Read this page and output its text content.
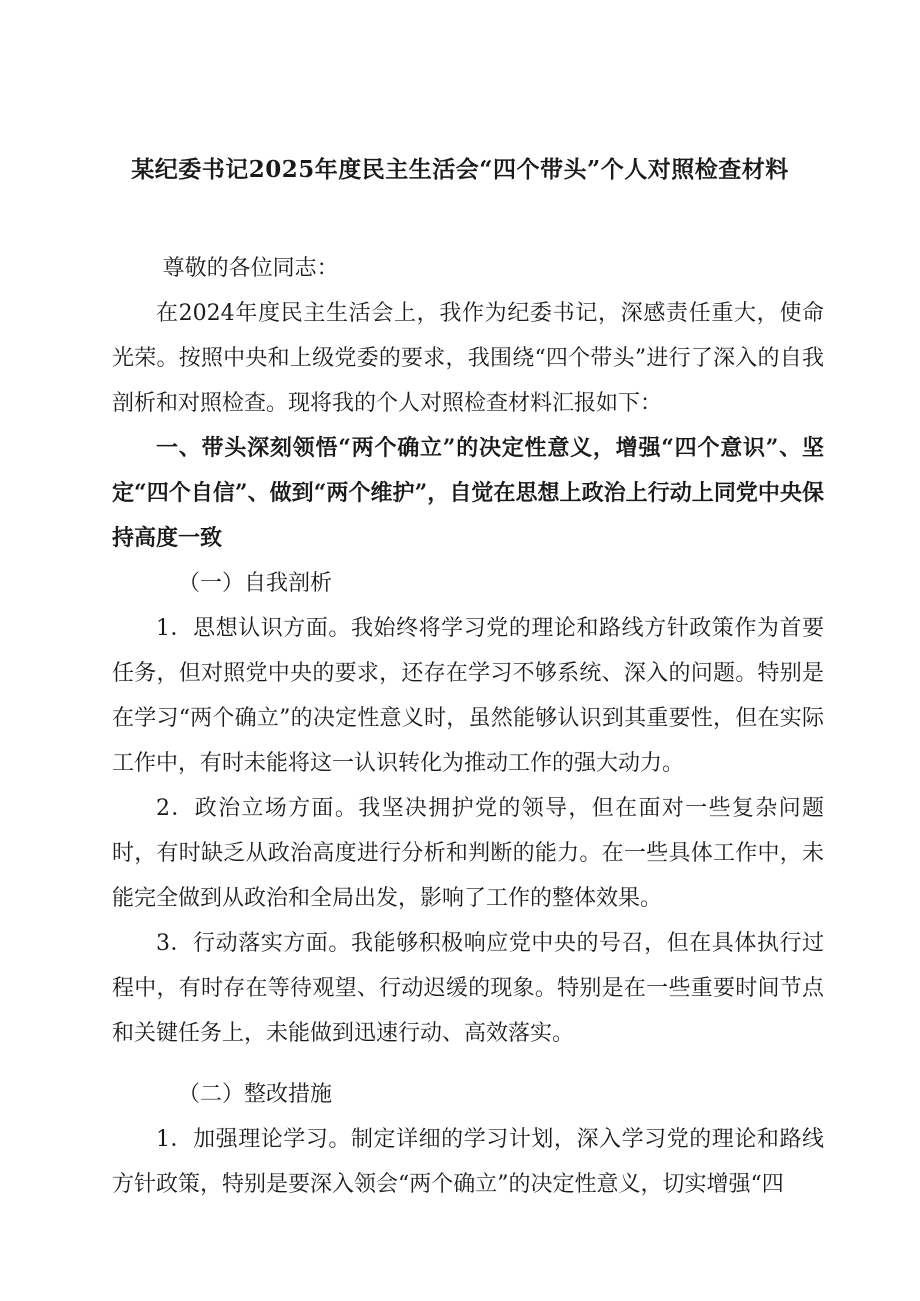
某纪委书记2025年度民主生活会“四个带头”个人对照检查材料

尊敬的各位同志：

在2024年度民主生活会上，我作为纪委书记，深感责任重大，使命光荣。按照中央和上级党委的要求，我围绕“四个带头”进行了深入的自我剖析和对照检查。现将我的个人对照检查材料汇报如下：

一、带头深刻领悟“两个确立”的决定性意义，增强“四个意识”、坚定“四个自信”、做到“两个维护”，自觉在思想上政治上行动上同党中央保持高度一致

（一）自我剖析

1．思想认识方面。我始终将学习党的理论和路线方针政策作为首要任务，但对照党中央的要求，还存在学习不够系统、深入的问题。特别是在学习“两个确立”的决定性意义时，虽然能够认识到其重要性，但在实际工作中，有时未能将这一认识转化为推动工作的强大动力。

2．政治立场方面。我坚决拥护党的领导，但在面对一些复杂问题时，有时缺乏从政治高度进行分析和判断的能力。在一些具体工作中，未能完全做到从政治和全局出发，影响了工作的整体效果。

3．行动落实方面。我能够积极响应党中央的号召，但在具体执行过程中，有时存在等待观望、行动迟缓的现象。特别是在一些重要时间节点和关键任务上，未能做到迅速行动、高效落实。

（二）整改措施

1．加强理论学习。制定详细的学习计划，深入学习党的理论和路线方针政策，特别是要深入领会“两个确立”的决定性意义，切实增强“四
